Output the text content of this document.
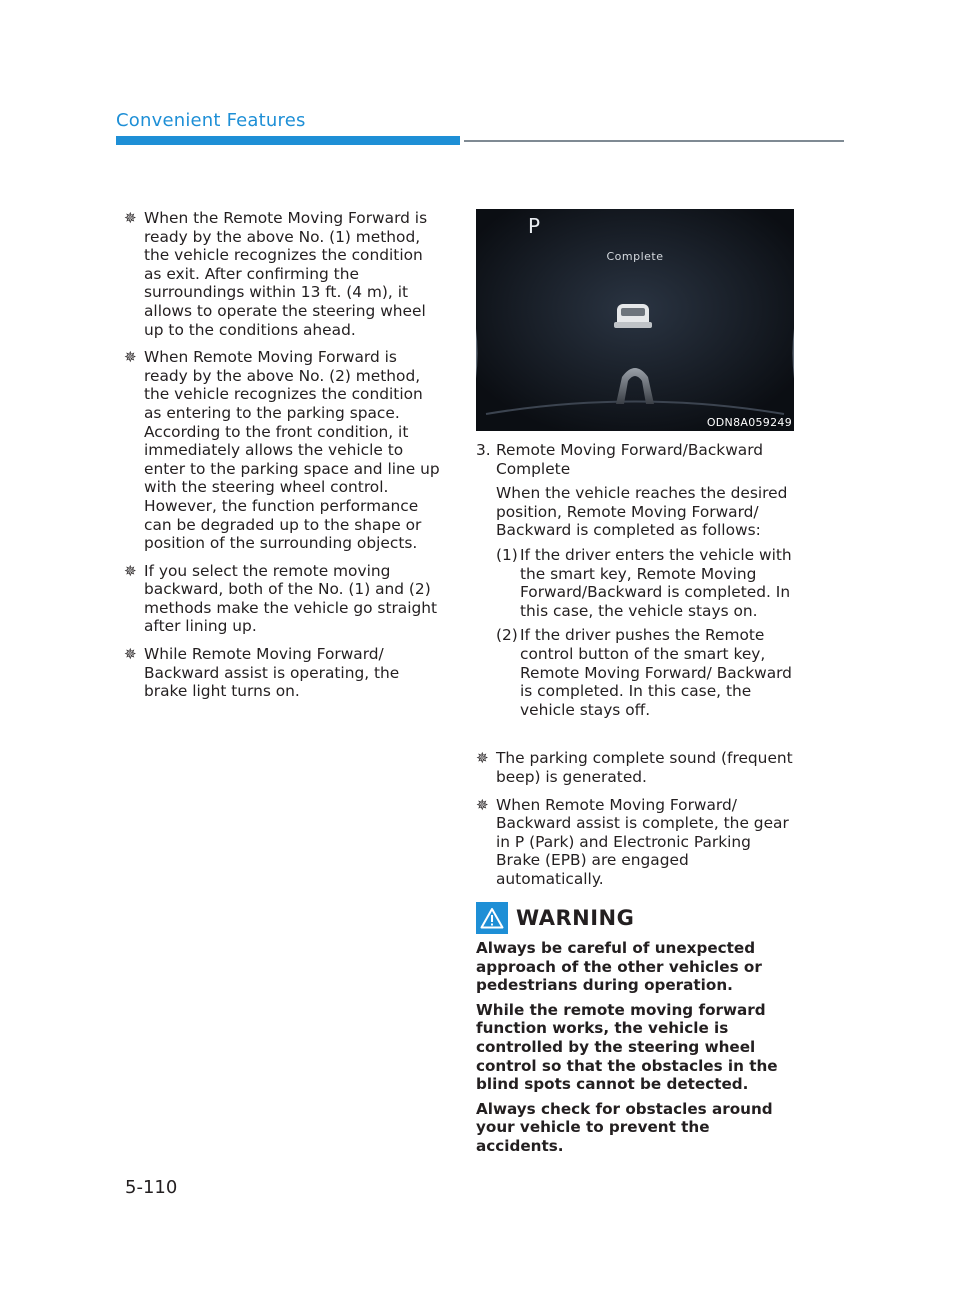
Convenient Features
✵ When the Remote Moving Forward is ready by the above No. (1) method, the vehicle recognizes the condition as exit. After confirming the surroundings within 13 ft. (4 m), it allows to operate the steering wheel up to the conditions ahead.

✵ When Remote Moving Forward is ready by the above No. (2) method, the vehicle recognizes the condition as entering to the parking space. According to the front condition, it immediately allows the vehicle to enter to the parking space and line up with the steering wheel control. However, the function performance can be degraded up to the shape or position of the surrounding objects.

✵ If you select the remote moving backward, both of the No. (1) and (2) methods make the vehicle go straight after lining up.

✵ While Remote Moving Forward/ Backward assist is operating, the brake light turns on.

P
Complete
ODN8A059249
3. Remote Moving Forward/Backward Complete

When the vehicle reaches the desired position, Remote Moving Forward/ Backward is completed as follows:

(1) If the driver enters the vehicle with the smart key, Remote Moving Forward/Backward is completed. In this case, the vehicle stays on.
(2) If the driver pushes the Remote control button of the smart key, Remote Moving Forward/ Backward is completed. In this case, the vehicle stays off.
✵ The parking complete sound (frequent beep) is generated.

✵ When Remote Moving Forward/ Backward assist is complete, the gear in P (Park) and Electronic Parking Brake (EPB) are engaged automatically.

WARNING

Always be careful of unexpected approach of the other vehicles or pedestrians during operation.

While the remote moving forward function works, the vehicle is controlled by the steering wheel control so that the obstacles in the blind spots cannot be detected.

Always check for obstacles around your vehicle to prevent the accidents.

5-110
